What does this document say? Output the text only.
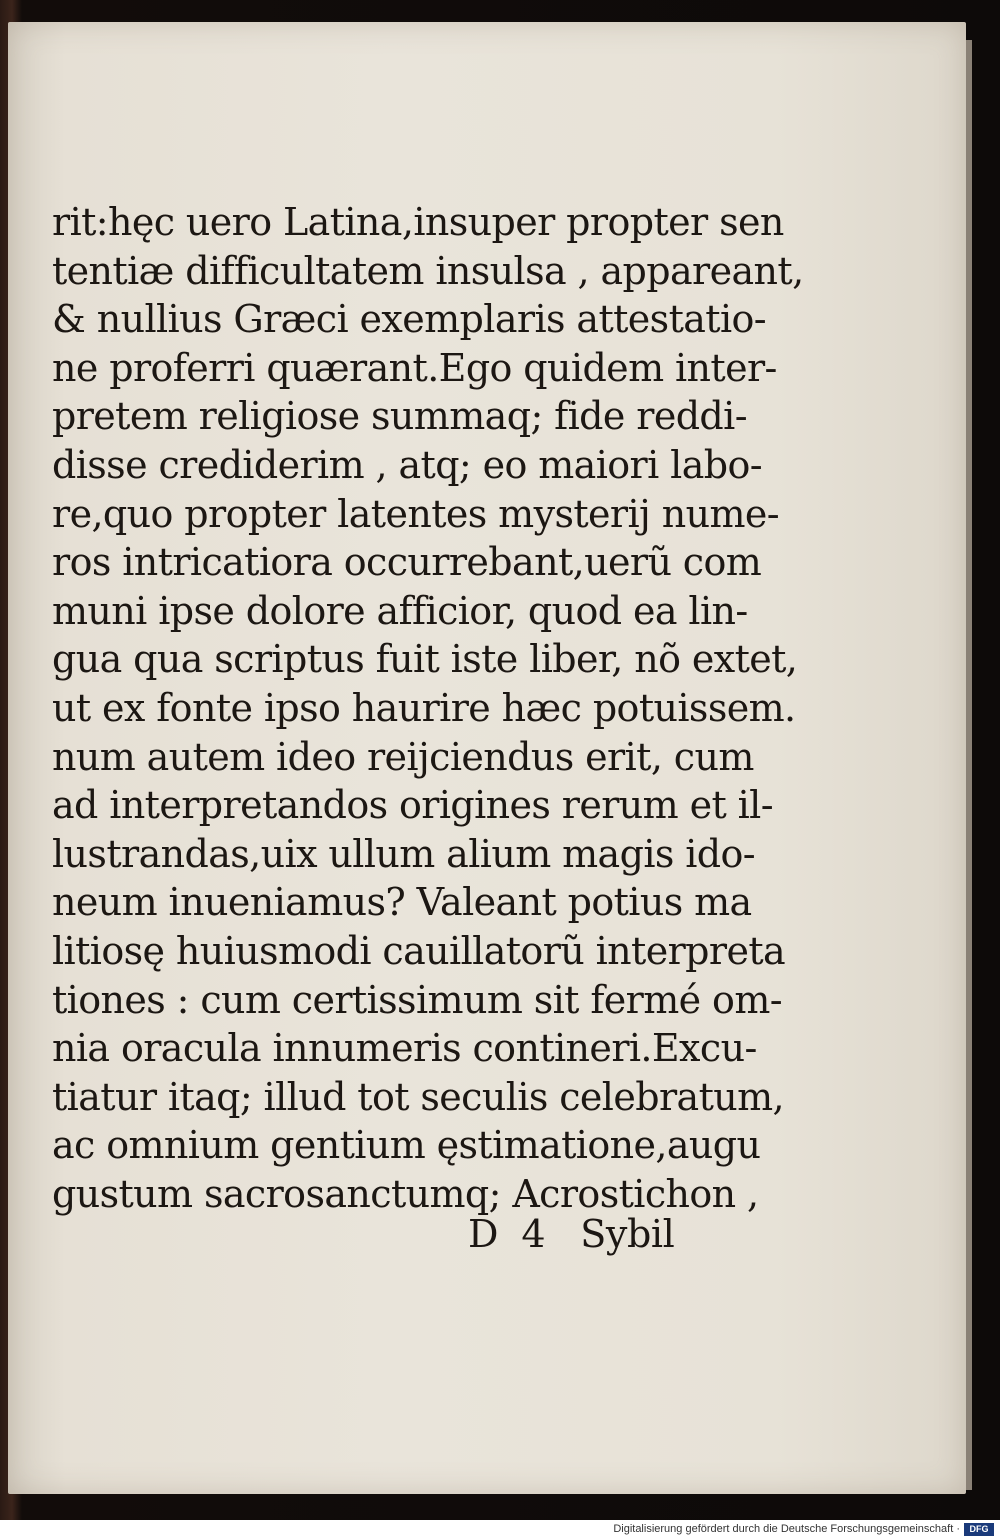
rit:hęc uero Latina,insuper propter sen
tentiæ difficultatem insulsa , appareant,
& nullius Græci exemplaris attestatio-
ne proferri quærant.Ego quidem inter-
pretem religiose summaq; fide reddi-
disse crediderim , atq; eo maiori labo-
re,quo propter latentes mysterij nume-
ros intricatiora occurrebant,uerũ com
muni ipse dolore afficior, quod ea lin-
gua qua scriptus fuit iste liber, nõ extet,
ut ex fonte ipso haurire hæc potuissem.
num autem ideo reijciendus erit, cum
ad interpretandos origines rerum et il-
lustrandas,uix ullum alium magis ido-
neum inueniamus? Valeant potius ma
litiosę huiusmodi cauillatorũ interpreta
tiones : cum certissimum sit fermé om-
nia oracula innumeris contineri.Excu-
tiatur itaq; illud tot seculis celebratum,
ac omnium gentium ęstimatione,augu
gustum sacrosanctumq; Acrostichon ,
D  4   Sybil
Digitalisierung gefördert durch die Deutsche Forschungsgemeinschaft ·	DFG
